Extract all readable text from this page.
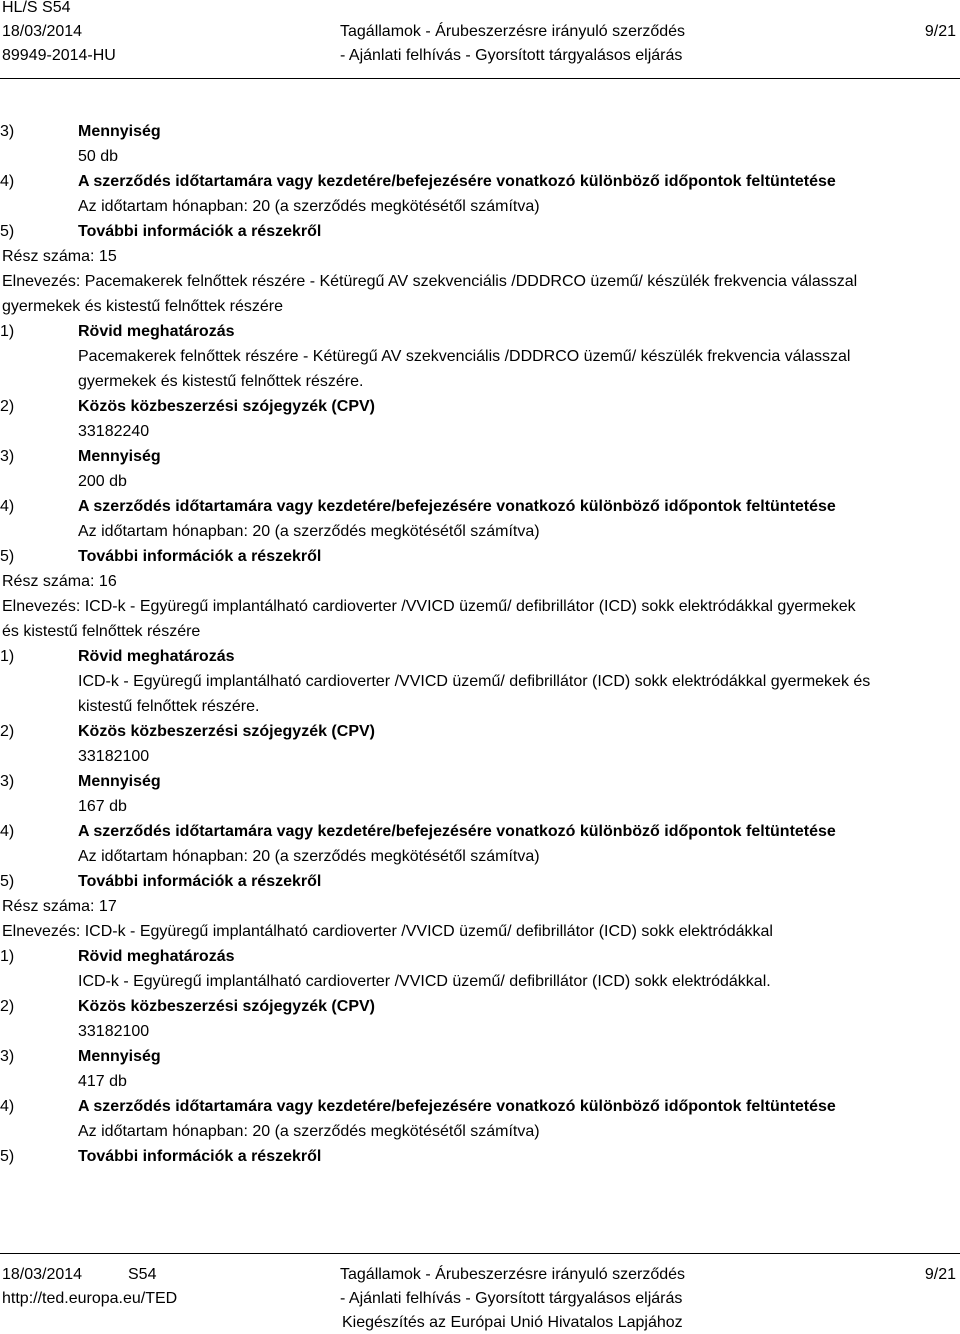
HL/S S54
18/03/2014
89949-2014-HU
Tagállamok - Árubeszerzésre irányuló szerződés
- Ajánlati felhívás - Gyorsított tárgyalásos eljárás
9/21
3)	Mennyiség
50 db
4)	A szerződés időtartamára vagy kezdetére/befejezésére vonatkozó különböző időpontok feltüntetése
Az időtartam hónapban: 20 (a szerződés megkötésétől számítva)
5)	További információk a részekről
Rész száma: 15
Elnevezés: Pacemakerek felnőttek részére - Kétüregű AV szekvenciális /DDDRCO üzemű/ készülék frekvencia válasszal
gyermekek és kistestű felnőttek részére
1)	Rövid meghatározás
Pacemakerek felnőttek részére - Kétüregű AV szekvenciális /DDDRCO üzemű/ készülék frekvencia válasszal
gyermekek és kistestű felnőttek részére.
2)	Közös közbeszerzési szójegyzék (CPV)
33182240
3)	Mennyiség
200 db
4)	A szerződés időtartamára vagy kezdetére/befejezésére vonatkozó különböző időpontok feltüntetése
Az időtartam hónapban: 20 (a szerződés megkötésétől számítva)
5)	További információk a részekről
Rész száma: 16
Elnevezés: ICD-k - Együregű implantálható cardioverter /VVICD üzemű/ defibrillátor (ICD) sokk elektródákkal gyermekek
és kistestű felnőttek részére
1)	Rövid meghatározás
ICD-k - Együregű implantálható cardioverter /VVICD üzemű/ defibrillátor (ICD) sokk elektródákkal gyermekek és
kistestű felnőttek részére.
2)	Közös közbeszerzési szójegyzék (CPV)
33182100
3)	Mennyiség
167 db
4)	A szerződés időtartamára vagy kezdetére/befejezésére vonatkozó különböző időpontok feltüntetése
Az időtartam hónapban: 20 (a szerződés megkötésétől számítva)
5)	További információk a részekről
Rész száma: 17
Elnevezés: ICD-k - Együregű implantálható cardioverter /VVICD üzemű/ defibrillátor (ICD) sokk elektródákkal
1)	Rövid meghatározás
ICD-k - Együregű implantálható cardioverter /VVICD üzemű/ defibrillátor (ICD) sokk elektródákkal.
2)	Közös közbeszerzési szójegyzék (CPV)
33182100
3)	Mennyiség
417 db
4)	A szerződés időtartamára vagy kezdetére/befejezésére vonatkozó különböző időpontok feltüntetése
Az időtartam hónapban: 20 (a szerződés megkötésétől számítva)
5)	További információk a részekről
18/03/2014	S54
http://ted.europa.eu/TED
Tagállamok - Árubeszerzésre irányuló szerződés
- Ajánlati felhívás - Gyorsított tárgyalásos eljárás
Kiegészítés az Európai Unió Hivatalos Lapjához
9/21
